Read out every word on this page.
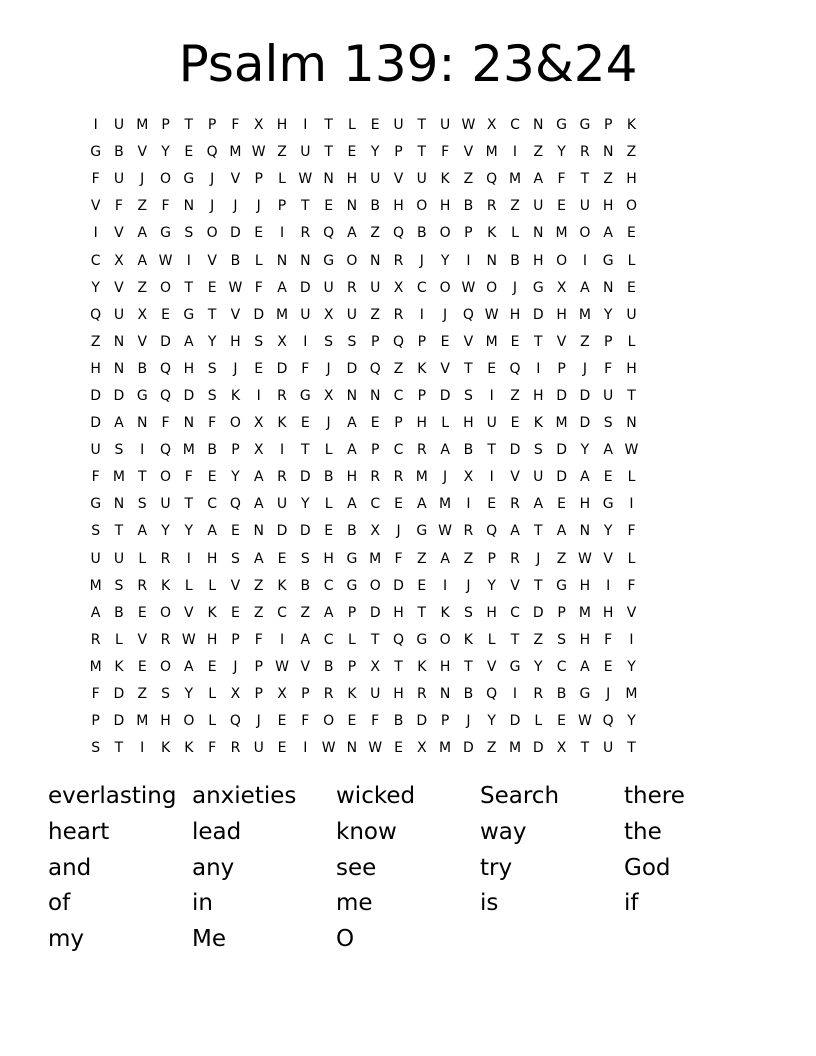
Psalm 139: 23&24
I	U M P	T	P	F	X H	I	T	L	E U T U W X C N G G P	K
G B V	Y	E Q M W Z U T	E	Y	P	T	F	V M	I	Z	Y	R N Z
F	U	J	O G	J	V	P	L W N H U V U K Z Q M A	F	T	Z H
V	F	Z	F	N	J	J	J	P	T	E N B H O H B R Z U E U H O
I	V A G S O D E	I	R Q A Z Q B O P	K	L	N M O A	E
C X A W	I	V B	L	N N G O N R	J	Y	I	N B H O	I	G L
Y	V Z O T	E W F	A D U R U X C O W O	J	G X A N E
Q U X	E G T	V D M U X U Z R	I	J	Q W H D H M Y U
Z N V D A	Y H S	X	I	S	S	P Q P	E	V M E	T	V Z	P	L
H N B Q H S	J	E D F	J	D Q Z K V	T	E Q	I	P	J	F	H
D D G Q D S	K	I	R G X N N C	P D S	I	Z H D D U T
D A N	F	N	F O X K	E	J	A	E	P H	L	H U E	K M D S N
U S	I	Q M B	P	X	I	T	L	A	P	C R A B	T D S D Y	A W
F M T O F	E	Y	A R D B H R R M	J	X	I	V U D A	E	L
G N S U T	C Q A U Y	L	A C E	A M	I	E	R A	E H G	I
S	T	A	Y	Y	A	E N D D E	B X	J	G W R Q A	T	A N Y	F
U U	L	R	I	H S	A	E	S H G M F	Z A Z	P	R	J	Z W V	L
M S R K	L	L	V Z K B C G O D E	I	J	Y	V	T G H	I	F
A B	E O V K	E	Z C Z A	P D H T	K	S H C D P M H V
R	L	V R W H P	F	I	A C	L	T Q G O K	L	T	Z	S H	F	I
M K	E O A	E	J	P W V B	P	X	T	K H T	V G Y	C A	E	Y
F D Z	S	Y	L	X	P	X	P	R K U H R N B Q	I	R B G	J	M
P D M H O L Q	J	E	F O E	F	B D P	J	Y D	L	E W Q Y
S	T	I	K	K	F	R U E	I	W N W E	X M D Z M D X	T U T
everlasting anxieties	wicked	Search	there
heart	lead	know	way	the
and	any	see	try	God
of	in	me	is	if
my	Me	O
